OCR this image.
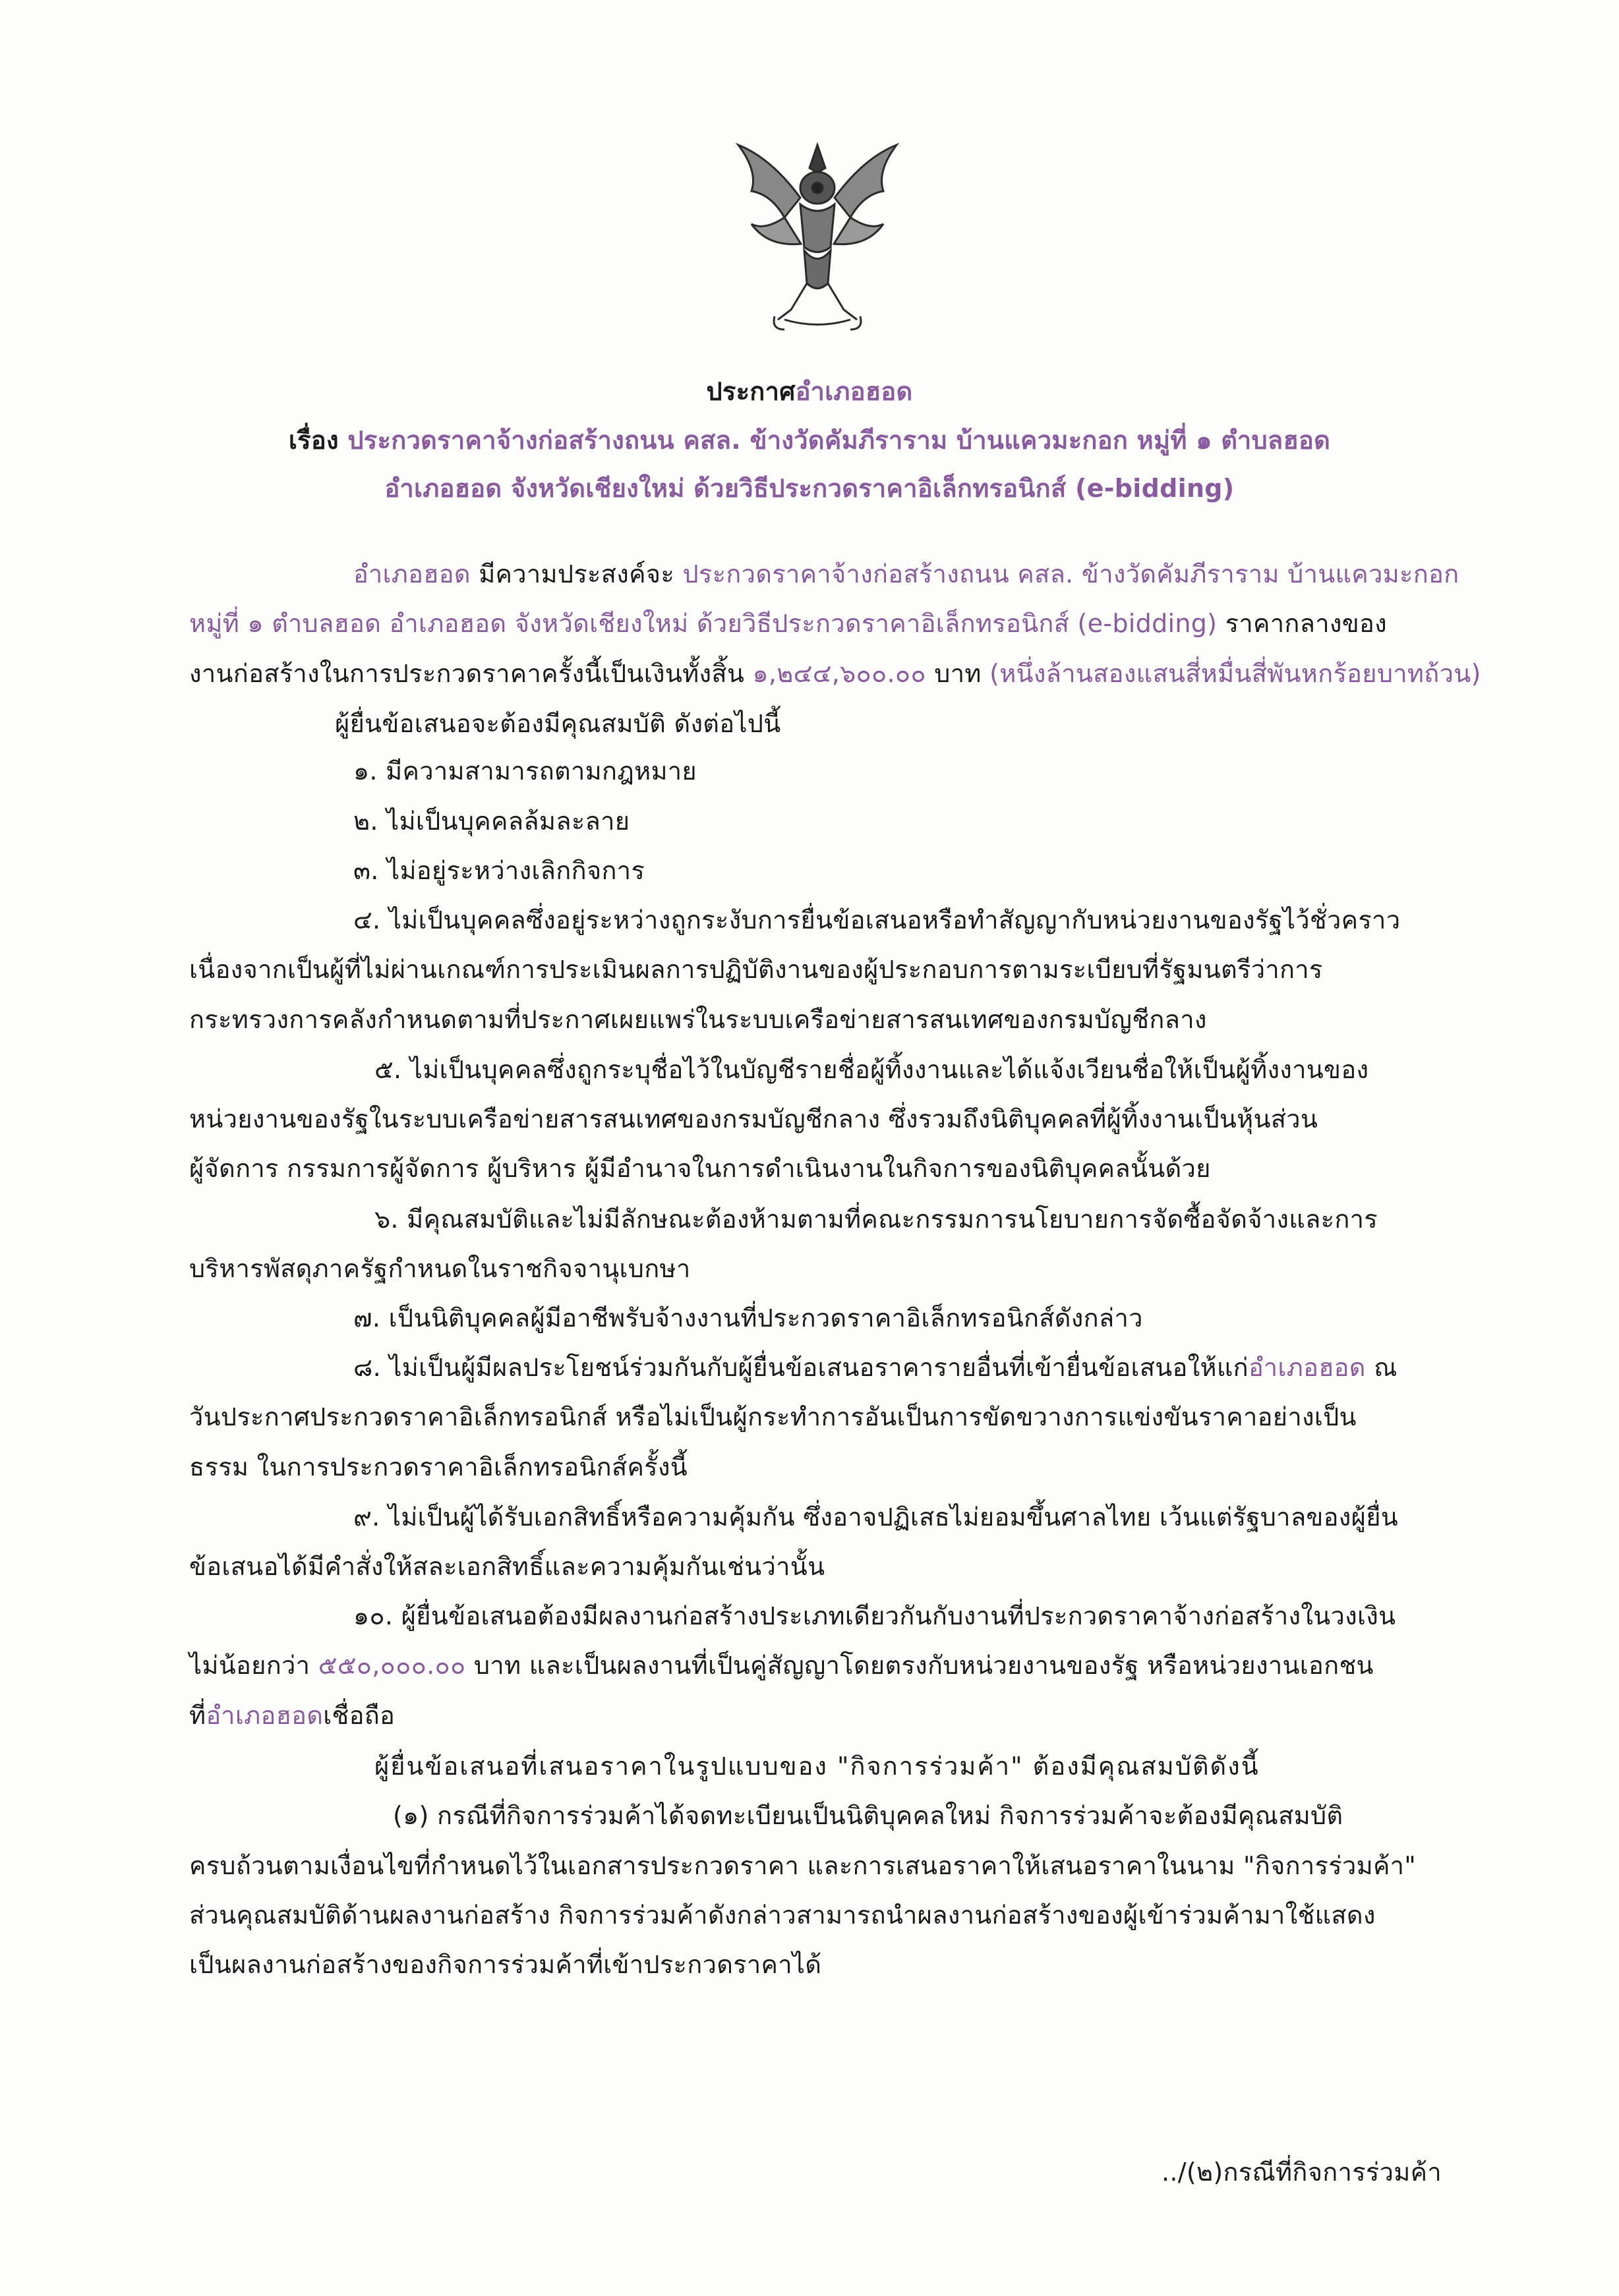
ประกาศอำเภอฮอด
เรื่อง ประกวดราคาจ้างก่อสร้างถนน คสล. ข้างวัดคัมภีราราม บ้านแควมะกอก หมู่ที่ ๑ ตำบลฮอด
อำเภอฮอด จังหวัดเชียงใหม่ ด้วยวิธีประกวดราคาอิเล็กทรอนิกส์ (e-bidding)
อำเภอฮอด มีความประสงค์จะ ประกวดราคาจ้างก่อสร้างถนน คสล. ข้างวัดคัมภีราราม บ้านแควมะกอก
หมู่ที่ ๑ ตำบลฮอด อำเภอฮอด จังหวัดเชียงใหม่ ด้วยวิธีประกวดราคาอิเล็กทรอนิกส์ (e-bidding) ราคากลางของ
งานก่อสร้างในการประกวดราคาครั้งนี้เป็นเงินทั้งสิ้น ๑,๒๔๔,๖๐๐.๐๐ บาท (หนึ่งล้านสองแสนสี่หมื่นสี่พันหกร้อยบาทถ้วน)
ผู้ยื่นข้อเสนอจะต้องมีคุณสมบัติ ดังต่อไปนี้
๑. มีความสามารถตามกฎหมาย
๒. ไม่เป็นบุคคลล้มละลาย
๓. ไม่อยู่ระหว่างเลิกกิจการ
๔. ไม่เป็นบุคคลซึ่งอยู่ระหว่างถูกระงับการยื่นข้อเสนอหรือทำสัญญากับหน่วยงานของรัฐไว้ชั่วคราว
เนื่องจากเป็นผู้ที่ไม่ผ่านเกณฑ์การประเมินผลการปฏิบัติงานของผู้ประกอบการตามระเบียบที่รัฐมนตรีว่าการ
กระทรวงการคลังกำหนดตามที่ประกาศเผยแพร่ในระบบเครือข่ายสารสนเทศของกรมบัญชีกลาง
๕. ไม่เป็นบุคคลซึ่งถูกระบุชื่อไว้ในบัญชีรายชื่อผู้ทิ้งงานและได้แจ้งเวียนชื่อให้เป็นผู้ทิ้งงานของ
หน่วยงานของรัฐในระบบเครือข่ายสารสนเทศของกรมบัญชีกลาง ซึ่งรวมถึงนิติบุคคลที่ผู้ทิ้งงานเป็นหุ้นส่วน
ผู้จัดการ กรรมการผู้จัดการ ผู้บริหาร ผู้มีอำนาจในการดำเนินงานในกิจการของนิติบุคคลนั้นด้วย
๖. มีคุณสมบัติและไม่มีลักษณะต้องห้ามตามที่คณะกรรมการนโยบายการจัดซื้อจัดจ้างและการ
บริหารพัสดุภาครัฐกำหนดในราชกิจจานุเบกษา
๗. เป็นนิติบุคคลผู้มีอาชีพรับจ้างงานที่ประกวดราคาอิเล็กทรอนิกส์ดังกล่าว
๘. ไม่เป็นผู้มีผลประโยชน์ร่วมกันกับผู้ยื่นข้อเสนอราคารายอื่นที่เข้ายื่นข้อเสนอให้แก่อำเภอฮอด ณ
วันประกาศประกวดราคาอิเล็กทรอนิกส์ หรือไม่เป็นผู้กระทำการอันเป็นการขัดขวางการแข่งขันราคาอย่างเป็น
ธรรม ในการประกวดราคาอิเล็กทรอนิกส์ครั้งนี้
๙. ไม่เป็นผู้ได้รับเอกสิทธิ์หรือความคุ้มกัน ซึ่งอาจปฏิเสธไม่ยอมขึ้นศาลไทย เว้นแต่รัฐบาลของผู้ยื่น
ข้อเสนอได้มีคำสั่งให้สละเอกสิทธิ์และความคุ้มกันเช่นว่านั้น
๑๐. ผู้ยื่นข้อเสนอต้องมีผลงานก่อสร้างประเภทเดียวกันกับงานที่ประกวดราคาจ้างก่อสร้างในวงเงิน
ไม่น้อยกว่า ๕๕๐,๐๐๐.๐๐ บาท และเป็นผลงานที่เป็นคู่สัญญาโดยตรงกับหน่วยงานของรัฐ หรือหน่วยงานเอกชน
ที่อำเภอฮอดเชื่อถือ
ผู้ยื่นข้อเสนอที่เสนอราคาในรูปแบบของ "กิจการร่วมค้า" ต้องมีคุณสมบัติดังนี้
(๑) กรณีที่กิจการร่วมค้าได้จดทะเบียนเป็นนิติบุคคลใหม่ กิจการร่วมค้าจะต้องมีคุณสมบัติ
ครบถ้วนตามเงื่อนไขที่กำหนดไว้ในเอกสารประกวดราคา และการเสนอราคาให้เสนอราคาในนาม "กิจการร่วมค้า"
ส่วนคุณสมบัติด้านผลงานก่อสร้าง กิจการร่วมค้าดังกล่าวสามารถนำผลงานก่อสร้างของผู้เข้าร่วมค้ามาใช้แสดง
เป็นผลงานก่อสร้างของกิจการร่วมค้าที่เข้าประกวดราคาได้
../(๒)กรณีที่กิจการร่วมค้า
